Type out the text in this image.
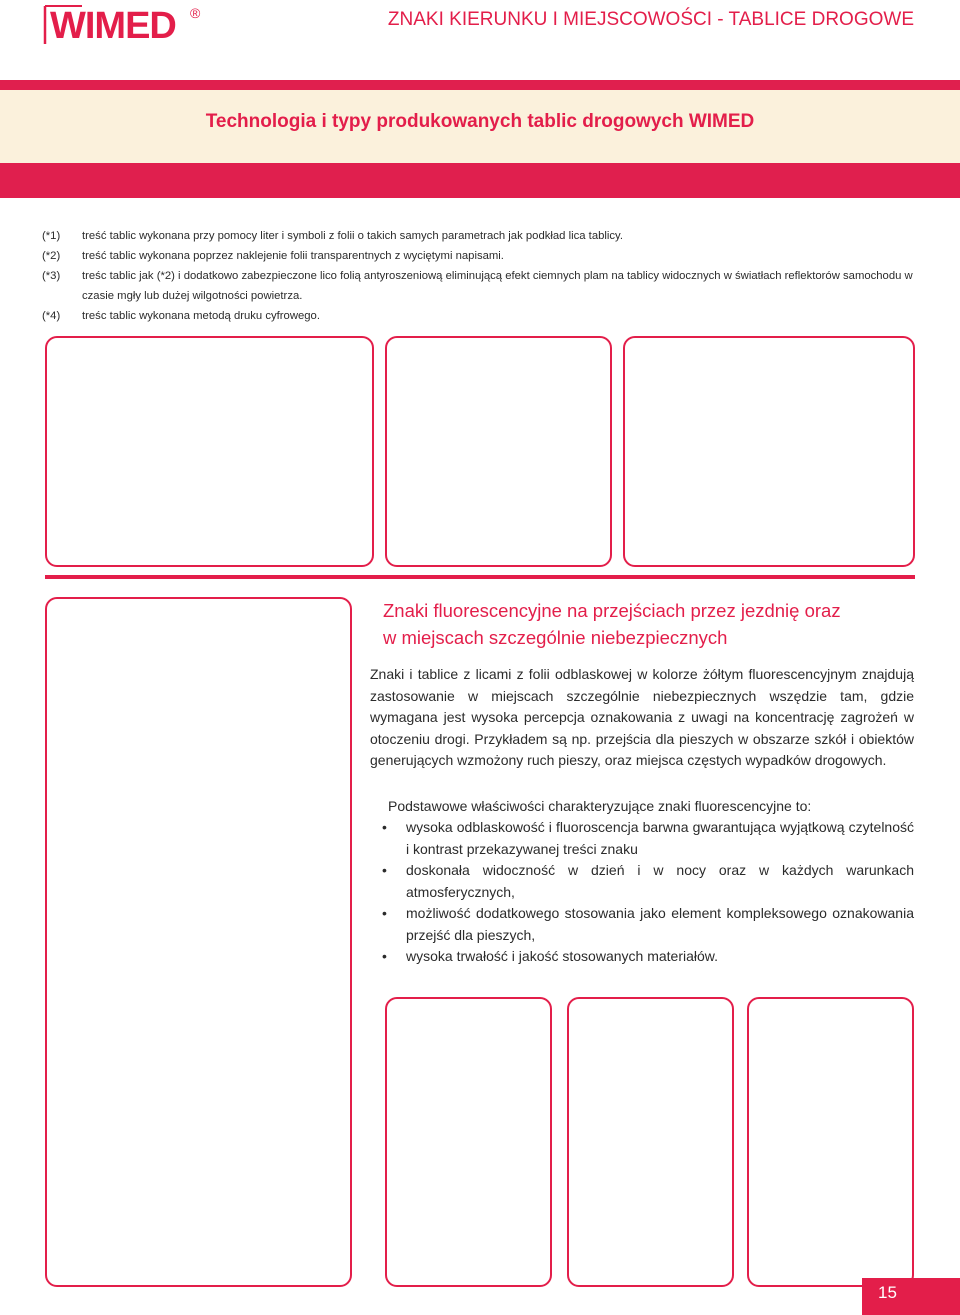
WIMED ®	ZNAKI KIERUNKU I MIEJSCOWOŚCI - TABLICE DROGOWE
Technologia i typy produkowanych tablic drogowych WIMED
(*1)	treść tablic wykonana przy pomocy liter i symboli z folii o takich samych parametrach jak podkład lica tablicy.
(*2)	treść tablic wykonana poprzez naklejenie folii transparentnych z wyciętymi napisami.
(*3)	treśc tablic jak (*2) i dodatkowo zabezpieczone lico folią antyroszeniową eliminującą efekt ciemnych plam na tablicy widocznych w światłach reflektorów samochodu w czasie mgły lub dużej wilgotności powietrza.
(*4)	treśc tablic wykonana metodą druku cyfrowego.
Znaki fluorescencyjne na przejściach przez jezdnię oraz
w miejscach szczególnie niebezpiecznych
Znaki i tablice z licami z folii odblaskowej w kolorze żółtym fluorescencyjnym znajdują zastosowanie w miejscach szczególnie niebezpiecznych wszędzie tam, gdzie wymagana jest wysoka percepcja oznakowania z uwagi na koncentrację zagrożeń w otoczeniu drogi. Przykładem są np. przejścia dla pieszych w obszarze szkół i obiektów generujących wzmożony ruch pieszy, oraz miejsca częstych wypadków drogowych.
Podstawowe właściwości charakteryzujące znaki fluorescencyjne to:
• wysoka odblaskowość i fluoroscencja barwna gwarantująca wyjątkową czytelność i kontrast przekazywanej treści znaku
• doskonała widoczność w dzień i w nocy oraz w każdych warunkach atmosferycznych,
• możliwość dodatkowego stosowania jako element kompleksowego oznakowania przejść dla pieszych,
• wysoka trwałość i jakość stosowanych materiałów.
15
